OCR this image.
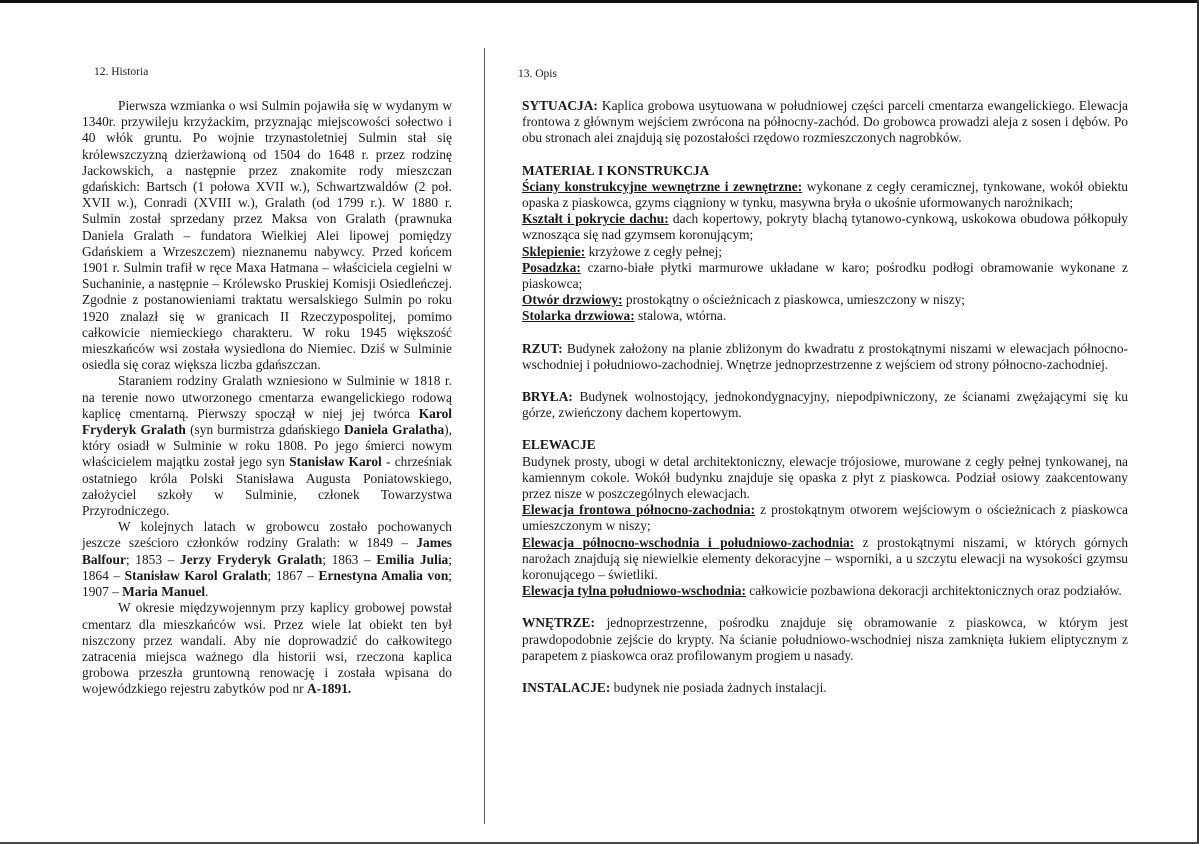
12. Historia	13. Opis

Pierwsza wzmianka o wsi Sulmin pojawiła się w wydanym w 1340r. przywileju krzyżackim, przyznając miejscowości sołectwo i 40 włók gruntu. Po wojnie trzynastoletniej Sulmin stał się królewszczyzną dzierżawioną od 1504 do 1648 r. przez rodzinę Jackowskich, a następnie przez znakomite rody mieszczan gdańskich: Bartsch (1 połowa XVII w.), Schwartzwaldów (2 poł. XVII w.), Conradi (XVIII w.), Gralath (od 1799 r.). W 1880 r. Sulmin został sprzedany przez Maksa von Gralath (prawnuka Daniela Gralath – fundatora Wielkiej Alei lipowej pomiędzy Gdańskiem a Wrzeszczem) nieznanemu nabywcy. Przed końcem 1901 r. Sulmin trafił w ręce Maxa Hatmana – właściciela cegielni w Suchaninie, a następnie – Królewsko Pruskiej Komisji Osiedleńczej. Zgodnie z postanowieniami traktatu wersalskiego Sulmin po roku 1920 znalazł się w granicach II Rzeczypospolitej, pomimo całkowicie niemieckiego charakteru. W roku 1945 większość mieszkańców wsi została wysiedlona do Niemiec. Dziś w Sulminie osiedla się coraz większa liczba gdańszczan.

Staraniem rodziny Gralath wzniesiono w Sulminie w 1818 r. na terenie nowo utworzonego cmentarza ewangelickiego rodową kaplicę cmentarną. Pierwszy spoczął w niej jej twórca Karol Fryderyk Gralath (syn burmistrza gdańskiego Daniela Gralatha), który osiadł w Sulminie w roku 1808. Po jego śmierci nowym właścicielem majątku został jego syn Stanisław Karol - chrześniak ostatniego króla Polski Stanisława Augusta Poniatowskiego, założyciel szkoły w Sulminie, członek Towarzystwa Przyrodniczego.

W kolejnych latach w grobowcu zostało pochowanych jeszcze sześcioro członków rodziny Gralath: w 1849 – James Balfour; 1853 – Jerzy Fryderyk Gralath; 1863 – Emilia Julia; 1864 – Stanisław Karol Gralath; 1867 – Ernestyna Amalia von; 1907 – Maria Manuel.

W okresie międzywojennym przy kaplicy grobowej powstał cmentarz dla mieszkańców wsi. Przez wiele lat obiekt ten był niszczony przez wandali. Aby nie doprowadzić do całkowitego zatracenia miejsca ważnego dla historii wsi, rzeczona kaplica grobowa przeszła gruntowną renowację i została wpisana do wojewódzkiego rejestru zabytków pod nr A-1891.

SYTUACJA: Kaplica grobowa usytuowana w południowej części parceli cmentarza ewangelickiego. Elewacja frontowa z głównym wejściem zwrócona na północny-zachód. Do grobowca prowadzi aleja z sosen i dębów. Po obu stronach alei znajdują się pozostałości rzędowo rozmieszczonych nagrobków.

MATERIAŁ I KONSTRUKCJA

Ściany konstrukcyjne wewnętrzne i zewnętrzne: wykonane z cegły ceramicznej, tynkowane, wokół obiektu opaska z piaskowca, gzyms ciągniony w tynku, masywna bryła o ukośnie uformowanych narożnikach;

Kształt i pokrycie dachu: dach kopertowy, pokryty blachą tytanowo-cynkową, uskokowa obudowa półkopuły wznosząca się nad gzymsem koronującym;

Sklepienie: krzyżowe z cegły pełnej;

Posadzka: czarno-białe płytki marmurowe układane w karo; pośrodku podłogi obramowanie wykonane z piaskowca;

Otwór drzwiowy: prostokątny o ościeżnicach z piaskowca, umieszczony w niszy;

Stolarka drzwiowa: stalowa, wtórna.

RZUT: Budynek założony na planie zbliżonym do kwadratu z prostokątnymi niszami w elewacjach północno-wschodniej i południowo-zachodniej. Wnętrze jednoprzestrzenne z wejściem od strony północno-zachodniej.

BRYŁA: Budynek wolnostojący, jednokondygnacyjny, niepodpiwniczony, ze ścianami zwężającymi się ku górze, zwieńczony dachem kopertowym.

ELEWACJE

Budynek prosty, ubogi w detal architektoniczny, elewacje trójosiowe, murowane z cegły pełnej tynkowanej, na kamiennym cokole. Wokół budynku znajduje się opaska z płyt z piaskowca. Podział osiowy zaakcentowany przez nisze w poszczególnych elewacjach.

Elewacja frontowa północno-zachodnia: z prostokątnym otworem wejściowym o ościeżnicach z piaskowca umieszczonym w niszy;

Elewacja północno-wschodnia i południowo-zachodnia: z prostokątnymi niszami, w których górnych narożach znajdują się niewielkie elementy dekoracyjne – wsporniki, a u szczytu elewacji na wysokości gzymsu koronującego – świetliki.

Elewacja tylna południowo-wschodnia: całkowicie pozbawiona dekoracji architektonicznych oraz podziałów.

WNĘTRZE: jednoprzestrzenne, pośrodku znajduje się obramowanie z piaskowca, w którym jest prawdopodobnie zejście do krypty. Na ścianie południowo-wschodniej nisza zamknięta łukiem eliptycznym z parapetem z piaskowca oraz profilowanym progiem u nasady.

INSTALACJE: budynek nie posiada żadnych instalacji.
